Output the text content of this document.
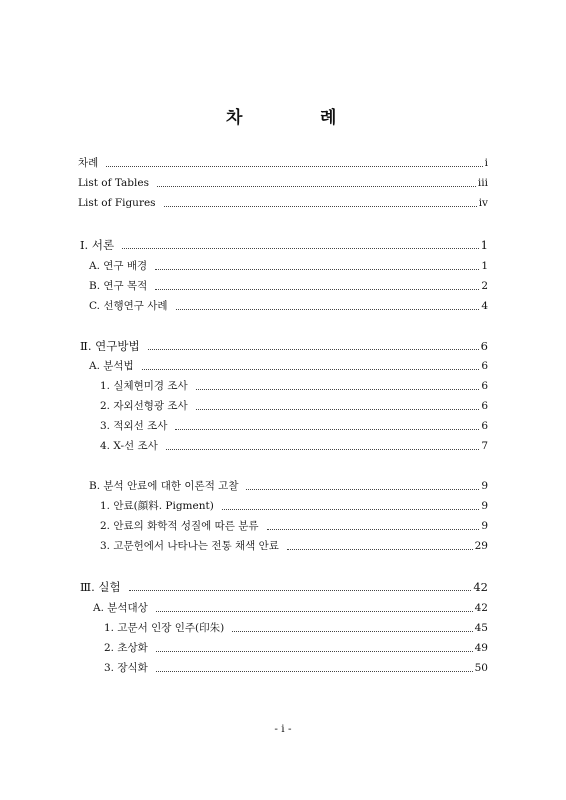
차	례
차례	i
List of Tables	iii
List of Figures	iv
Ⅰ. 서론	1
A. 연구 배경	1
B. 연구 목적	2
C. 선행연구 사례	4
Ⅱ. 연구방법	6
A. 분석법	6
1. 실체현미경 조사	6
2. 자외선형광 조사	6
3. 적외선 조사	6
4. X-선 조사	7
B. 분석 안료에 대한 이론적 고찰	9
1. 안료(顔料. Pigment)	9
2. 안료의 화학적 성질에 따른 분류	9
3. 고문헌에서 나타나는 전통 채색 안료	29
Ⅲ. 실험	42
A. 분석대상	42
1. 고문서 인장 인주(印朱)	45
2. 초상화	49
3. 장식화	50
- i -
